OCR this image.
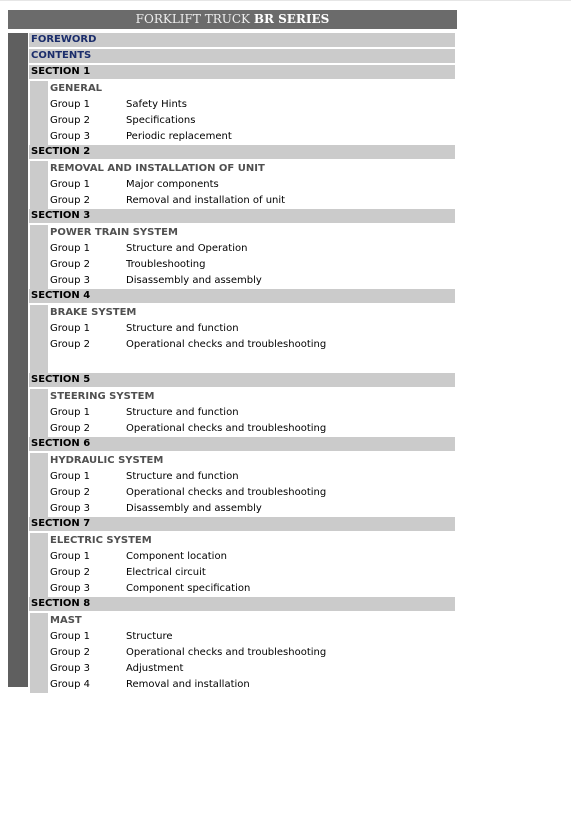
FORKLIFT TRUCK BR SERIES
FOREWORD
CONTENTS
SECTION 1
GENERAL
Group 1	Safety Hints
Group 2	Specifications
Group 3	Periodic replacement
SECTION 2
REMOVAL AND INSTALLATION OF UNIT
Group 1	Major components
Group 2	Removal and installation of unit
SECTION 3
POWER TRAIN SYSTEM
Group 1	Structure and Operation
Group 2	Troubleshooting
Group 3	Disassembly and assembly
SECTION 4
BRAKE SYSTEM
Group 1	Structure and function
Group 2	Operational checks and troubleshooting
SECTION 5
STEERING SYSTEM
Group 1	Structure and function
Group 2	Operational checks and troubleshooting
SECTION 6
HYDRAULIC SYSTEM
Group 1	Structure and function
Group 2	Operational checks and troubleshooting
Group 3	Disassembly and assembly
SECTION 7
ELECTRIC SYSTEM
Group 1	Component location
Group 2	Electrical circuit
Group 3	Component specification
SECTION 8
MAST
Group 1	Structure
Group 2	Operational checks and troubleshooting
Group 3	Adjustment
Group 4	Removal and installation
